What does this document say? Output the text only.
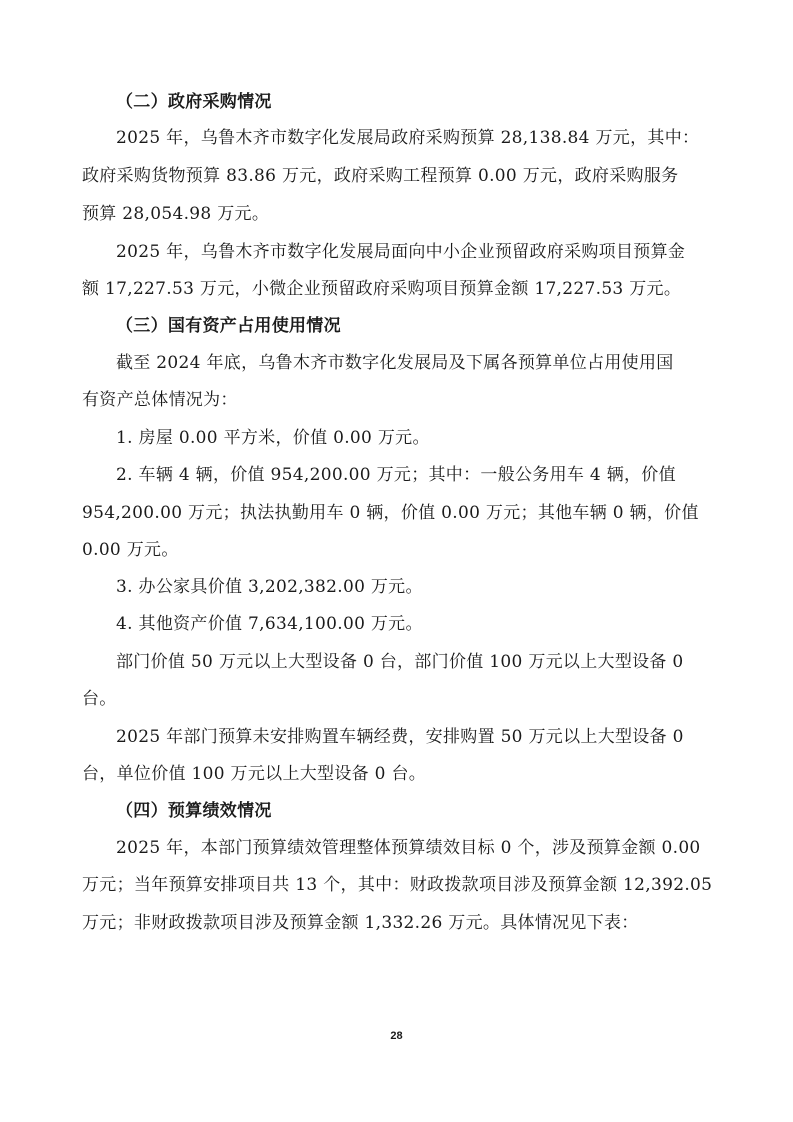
（二）政府采购情况
2025 年，乌鲁木齐市数字化发展局政府采购预算 28,138.84 万元，其中：
政府采购货物预算 83.86 万元，政府采购工程预算 0.00 万元，政府采购服务
预算 28,054.98 万元。
2025 年，乌鲁木齐市数字化发展局面向中小企业预留政府采购项目预算金
额 17,227.53 万元，小微企业预留政府采购项目预算金额 17,227.53 万元。
（三）国有资产占用使用情况
截至 2024 年底，乌鲁木齐市数字化发展局及下属各预算单位占用使用国
有资产总体情况为：
1. 房屋 0.00 平方米，价值 0.00 万元。
2. 车辆 4 辆，价值 954,200.00 万元；其中：一般公务用车 4 辆，价值
954,200.00 万元；执法执勤用车 0 辆，价值 0.00 万元；其他车辆 0 辆，价值
0.00 万元。
3. 办公家具价值 3,202,382.00 万元。
4. 其他资产价值 7,634,100.00 万元。
部门价值 50 万元以上大型设备 0 台，部门价值 100 万元以上大型设备 0
台。
2025 年部门预算未安排购置车辆经费，安排购置 50 万元以上大型设备 0
台，单位价值 100 万元以上大型设备 0 台。
（四）预算绩效情况
2025 年，本部门预算绩效管理整体预算绩效目标 0 个，涉及预算金额 0.00
万元；当年预算安排项目共 13 个，其中：财政拨款项目涉及预算金额 12,392.05
万元；非财政拨款项目涉及预算金额 1,332.26 万元。具体情况见下表：
28
